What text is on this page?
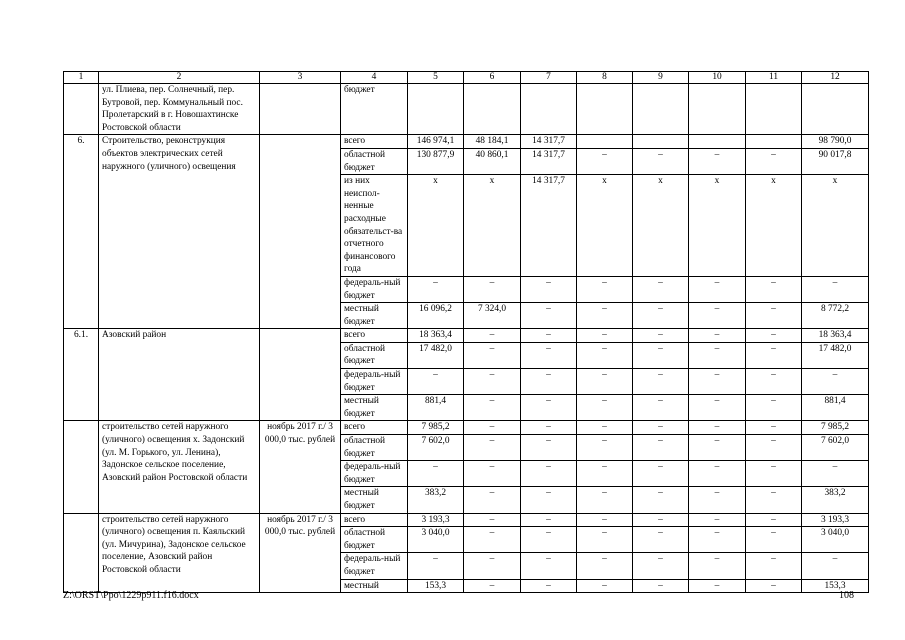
1	2	3	4	5	6	7	8	9	10	11	12
	ул. Плиева, пер. Солнечный, пер. Бутровой, пер. Коммунальный пос. Пролетарский в г. Новошахтинске Ростовской области		бюджет								
6.	Строительство, реконструкция объектов электрических сетей наружного (уличного) освещения		всего	146 974,1	48 184,1	14 317,7					98 790,0
			областной бюджет	130 877,9	40 860,1	14 317,7	–	–	–	–	90 017,8
			из них неиспол-ненные расходные обязательст-ва отчетного финансового года	х	х	14 317,7	х	х	х	х	х
			федераль-ный бюджет	–	–	–	–	–	–	–	–
			местный бюджет	16 096,2	7 324,0	–	–	–	–	–	8 772,2
6.1.	Азовский район		всего	18 363,4	–	–	–	–	–	–	18 363,4
			областной бюджет	17 482,0	–	–	–	–	–	–	17 482,0
			федераль-ный бюджет	–	–	–	–	–	–	–	–
			местный бюджет	881,4	–	–	–	–	–	–	881,4
	строительство сетей наружного (уличного) освещения х. Задонский (ул. М. Горького, ул. Ленина), Задонское сельское поселение, Азовский район Ростовской области	ноябрь 2017 г./ 3 000,0 тыс. рублей	всего	7 985,2	–	–	–	–	–	–	7 985,2
			областной бюджет	7 602,0	–	–	–	–	–	–	7 602,0
			федераль-ный бюджет	–	–	–	–	–	–	–	–
			местный бюджет	383,2	–	–	–	–	–	–	383,2
	строительство сетей наружного (уличного) освещения п. Каяльский (ул. Мичурина), Задонское сельское поселение, Азовский район Ростовской области	ноябрь 2017 г./ 3 000,0 тыс. рублей	всего	3 193,3	–	–	–	–	–	–	3 193,3
			областной бюджет	3 040,0	–	–	–	–	–	–	3 040,0
			федераль-ный бюджет	–	–	–	–	–	–	–	–
			местный	153,3	–	–	–	–	–	–	153,3
Z:\ORST\Ppo\1229p911.f16.docx	108
